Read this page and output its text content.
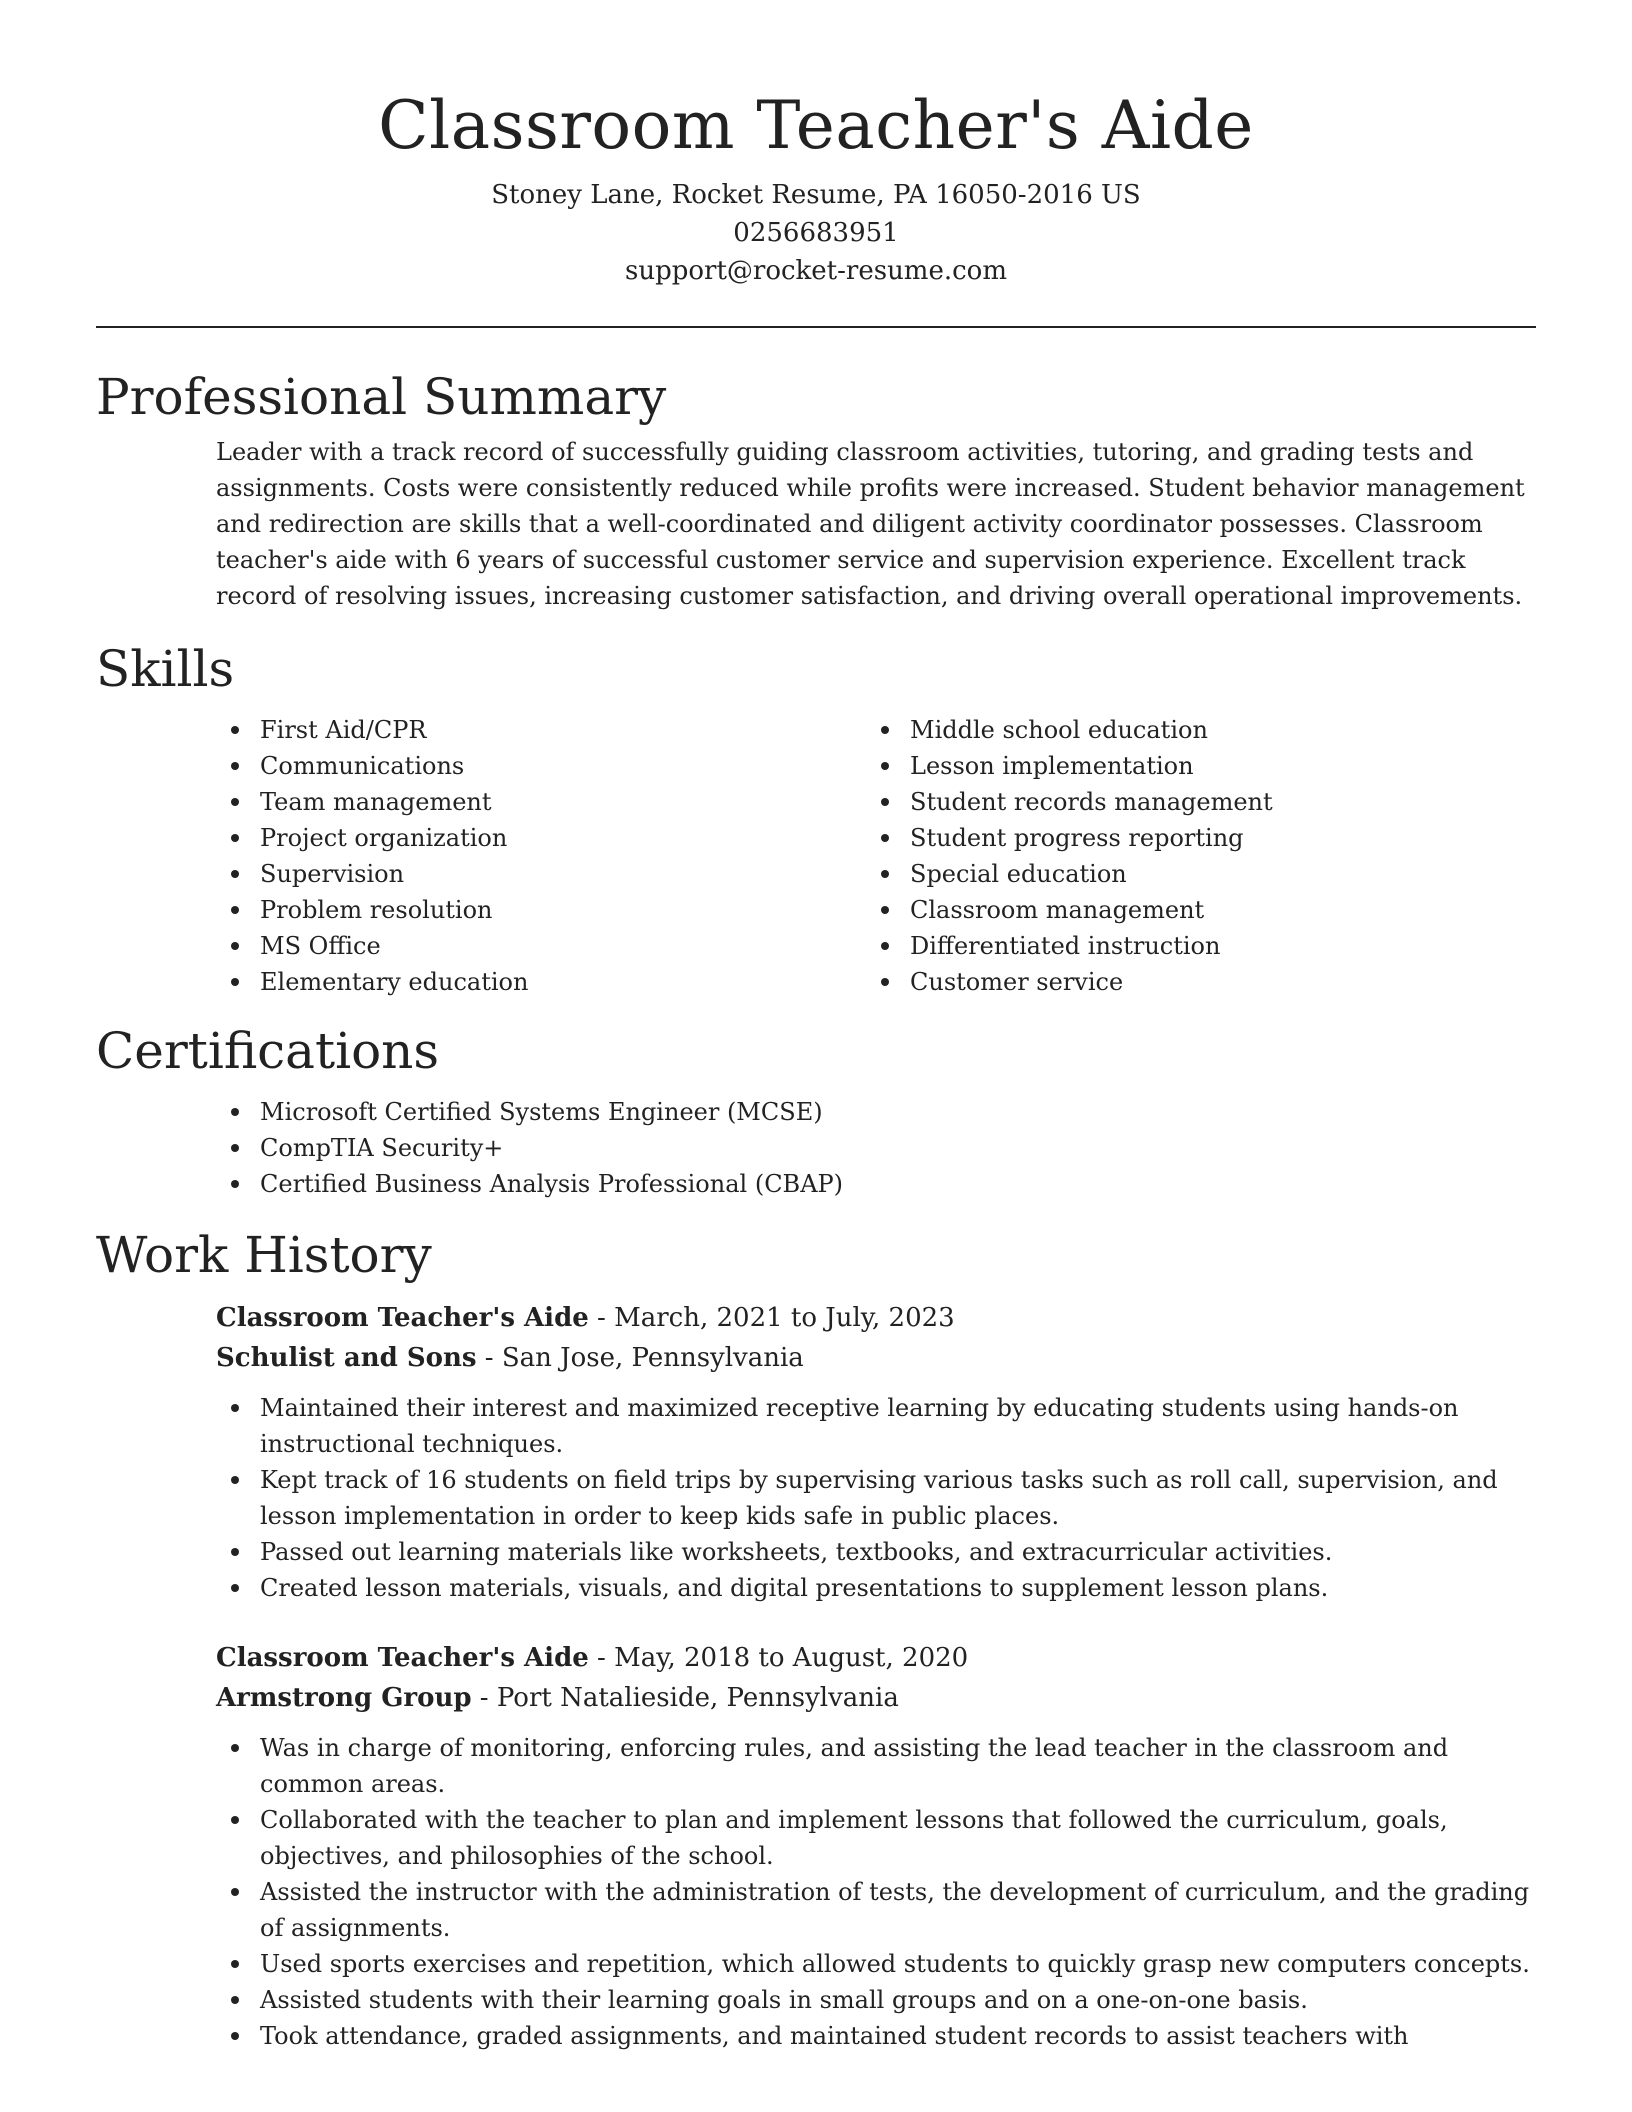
Classroom Teacher's Aide
Stoney Lane, Rocket Resume, PA 16050-2016 US
0256683951
support@rocket-resume.com
Professional Summary

Leader with a track record of successfully guiding classroom activities, tutoring, and grading tests and assignments. Costs were consistently reduced while profits were increased. Student behavior management and redirection are skills that a well-coordinated and diligent activity coordinator possesses. Classroom teacher's aide with 6 years of successful customer service and supervision experience. Excellent track record of resolving issues, increasing customer satisfaction, and driving overall operational improvements.

Skills
First Aid/CPR
Communications
Team management
Project organization
Supervision
Problem resolution
MS Office
Elementary education
Middle school education
Lesson implementation
Student records management
Student progress reporting
Special education
Classroom management
Differentiated instruction
Customer service
Certifications
Microsoft Certified Systems Engineer (MCSE)
CompTIA Security+
Certified Business Analysis Professional (CBAP)
Work History
Classroom Teacher's Aide - March, 2021 to July, 2023
Schulist and Sons - San Jose, Pennsylvania
Maintained their interest and maximized receptive learning by educating students using hands-on instructional techniques.
Kept track of 16 students on field trips by supervising various tasks such as roll call, supervision, and lesson implementation in order to keep kids safe in public places.
Passed out learning materials like worksheets, textbooks, and extracurricular activities.
Created lesson materials, visuals, and digital presentations to supplement lesson plans.
Classroom Teacher's Aide - May, 2018 to August, 2020
Armstrong Group - Port Natalieside, Pennsylvania
Was in charge of monitoring, enforcing rules, and assisting the lead teacher in the classroom and common areas.
Collaborated with the teacher to plan and implement lessons that followed the curriculum, goals, objectives, and philosophies of the school.
Assisted the instructor with the administration of tests, the development of curriculum, and the grading of assignments.
Used sports exercises and repetition, which allowed students to quickly grasp new computers concepts.
Assisted students with their learning goals in small groups and on a one-on-one basis.
Took attendance, graded assignments, and maintained student records to assist teachers with
